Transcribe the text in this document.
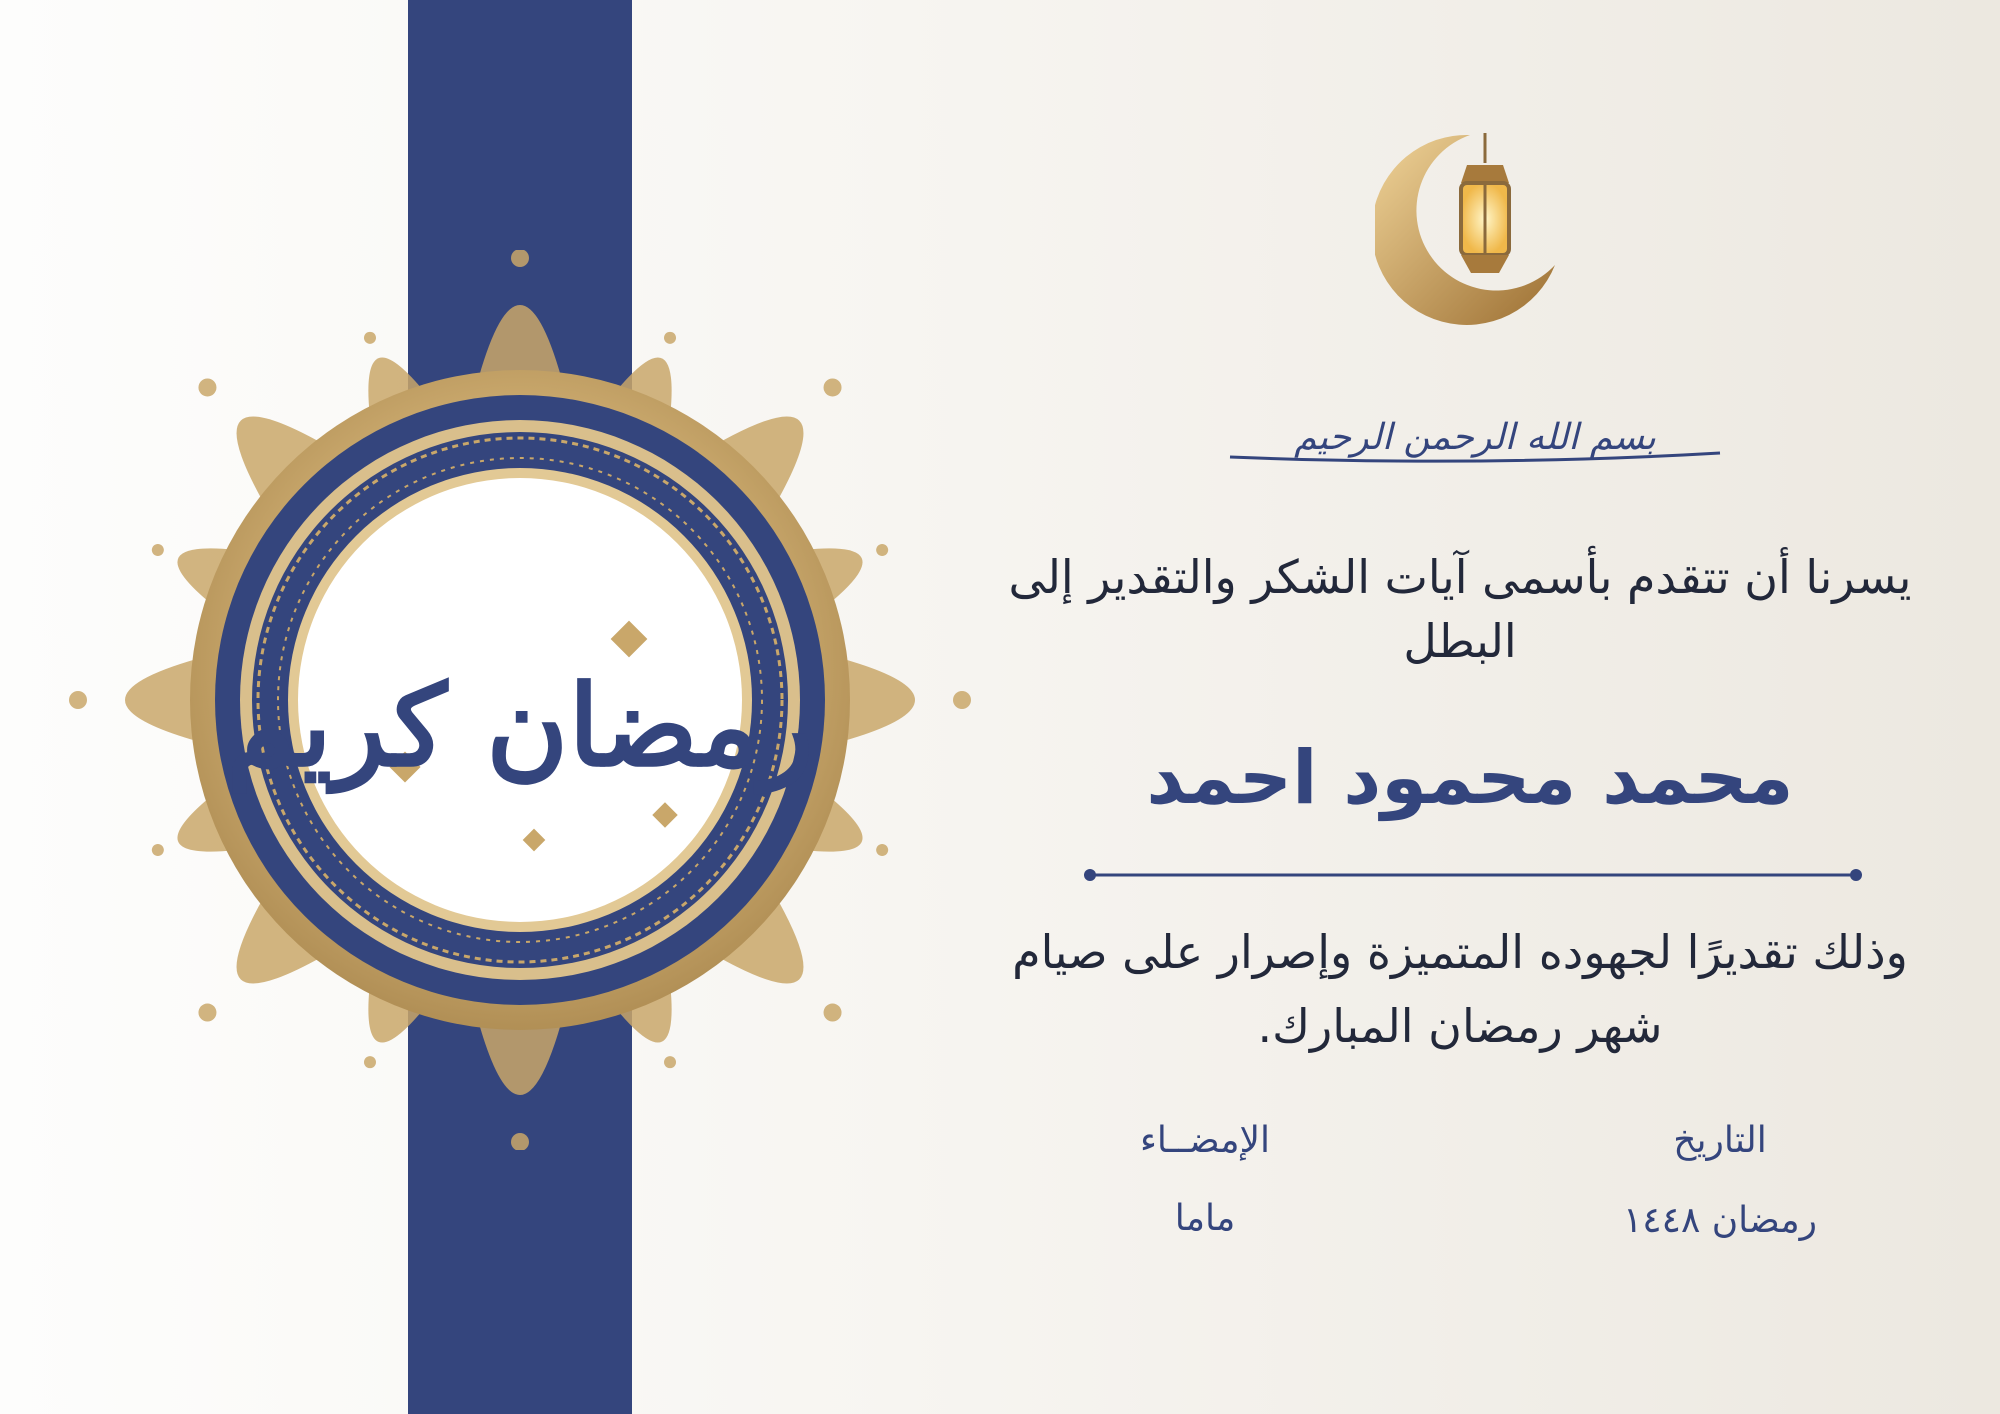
رمضان كريم
بسم الله الرحمن الرحيم

يسرنا أن تتقدم بأسمى آيات الشكر والتقدير إلى البطل

محمد محمود احمد

وذلك تقديرًا لجهوده المتميزة وإصرار على صيام شهر رمضان المبارك.

التاريخ
رمضان ١٤٤٨
الإمضــاء
ماما
